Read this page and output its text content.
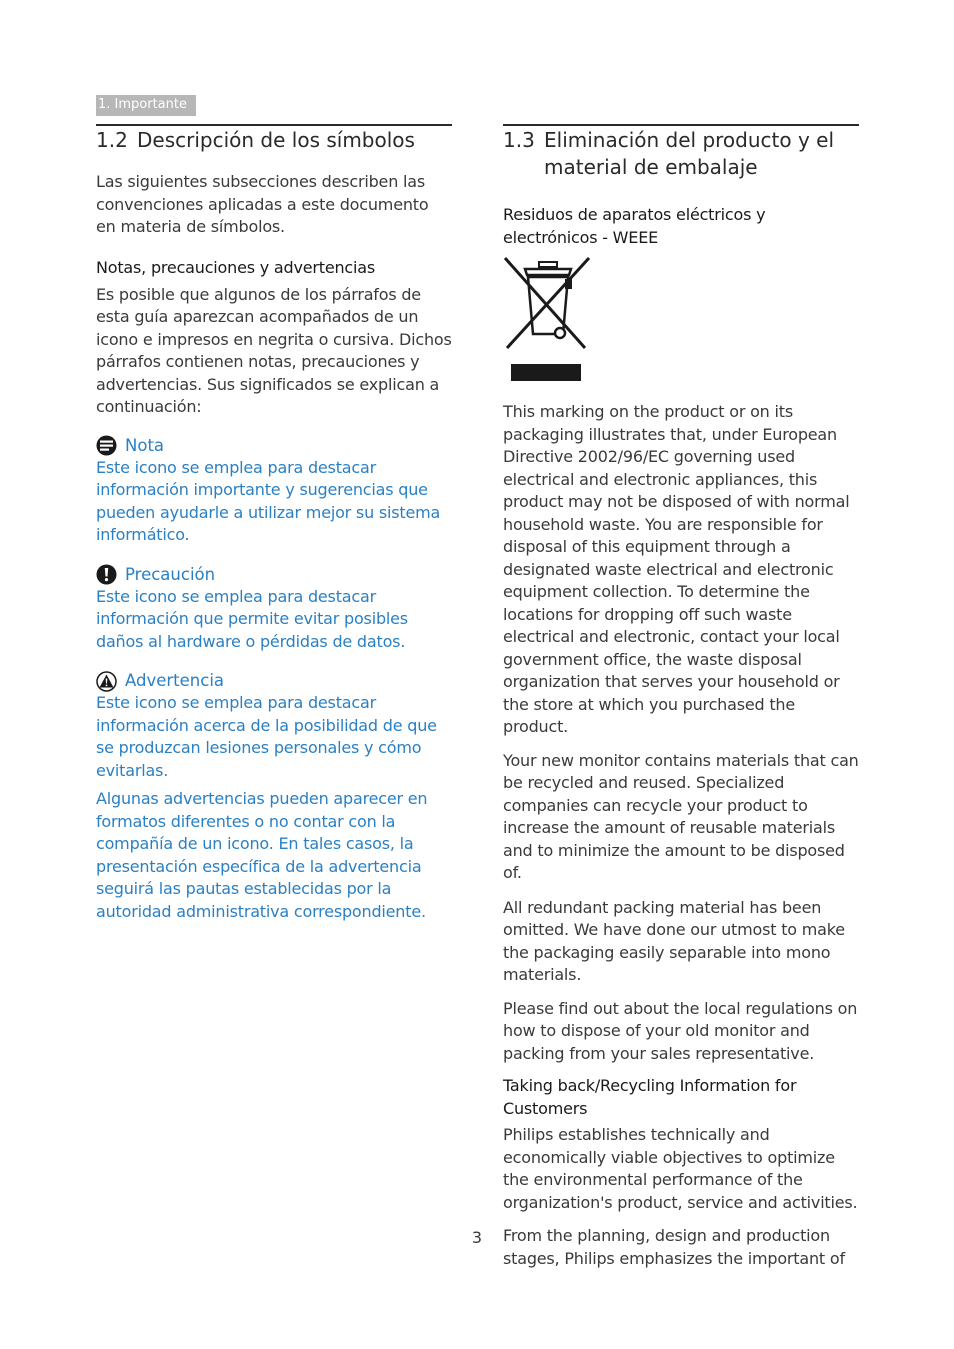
1. Importante
1.2 Descripción de los símbolos

Las siguientes subsecciones describen las convenciones aplicadas a este documento en materia de símbolos.

Notas, precauciones y advertencias

Es posible que algunos de los párrafos de esta guía aparezcan acompañados de un icono e impresos en negrita o cursiva. Dichos párrafos contienen notas, precauciones y advertencias. Sus significados se explican a continuación:

Nota

Este icono se emplea para destacar información importante y sugerencias que pueden ayudarle a utilizar mejor su sistema informático.

Precaución

Este icono se emplea para destacar información que permite evitar posibles daños al hardware o pérdidas de datos.

Advertencia

Este icono se emplea para destacar información acerca de la posibilidad de que se produzcan lesiones personales y cómo evitarlas.

Algunas advertencias pueden aparecer en formatos diferentes o no contar con la compañía de un icono. En tales casos, la presentación específica de la advertencia seguirá las pautas establecidas por la autoridad administrativa correspondiente.

1.3 Eliminación del producto y el material de embalaje

Residuos de aparatos eléctricos y electrónicos - WEEE

This marking on the product or on its packaging illustrates that, under European Directive 2002/96/EC governing used electrical and electronic appliances, this product may not be disposed of with normal household waste. You are responsible for disposal of this equipment through a designated waste electrical and electronic equipment collection. To determine the locations for dropping off such waste electrical and electronic, contact your local government office, the waste disposal organization that serves your household or the store at which you purchased the product.

Your new monitor contains materials that can be recycled and reused. Specialized companies can recycle your product to increase the amount of reusable materials and to minimize the amount to be disposed of.

All redundant packing material has been omitted. We have done our utmost to make the packaging easily separable into mono materials.

Please find out about the local regulations on how to dispose of your old monitor and packing from your sales representative.

Taking back/Recycling Information for Customers

Philips establishes technically and economically viable objectives to optimize the environmental performance of the organization's product, service and activities.

From the planning, design and production stages, Philips emphasizes the important of

3
